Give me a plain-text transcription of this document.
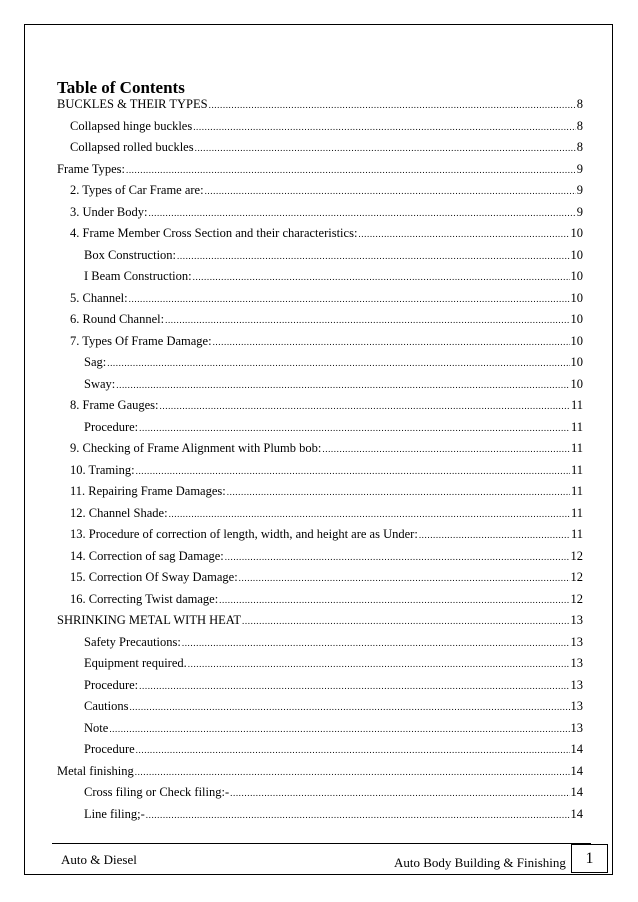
Table of Contents
BUCKLES & THEIR TYPES .....	8
Collapsed hinge buckles .....	8
Collapsed rolled buckles .....	8
Frame Types: .....	9
2. Types of Car Frame are: .....	9
3. Under Body: .....	9
4. Frame Member Cross Section and their characteristics: .....	10
Box Construction: .....	10
I Beam Construction: .....	10
5. Channel: .....	10
6. Round Channel: .....	10
7. Types Of Frame Damage: .....	10
Sag: .....	10
Sway: .....	10
8. Frame Gauges: .....	11
Procedure: .....	11
9. Checking of Frame Alignment with Plumb bob: .....	11
10. Traming: .....	11
11. Repairing Frame Damages: .....	11
12. Channel Shade: .....	11
13. Procedure of correction of length, width, and height are as Under: .....	11
14. Correction of sag Damage: .....	12
15. Correction Of Sway Damage: .....	12
16. Correcting Twist damage: .....	12
SHRINKING METAL WITH HEAT .....	13
Safety Precautions: .....	13
Equipment required. .....	13
Procedure: .....	13
Cautions .....	13
Note .....	13
Procedure .....	14
Metal finishing .....	14
Cross filing or Check filing:- .....	14
Line filing;- .....	14
Auto & Diesel	Auto Body Building & Finishing 1
